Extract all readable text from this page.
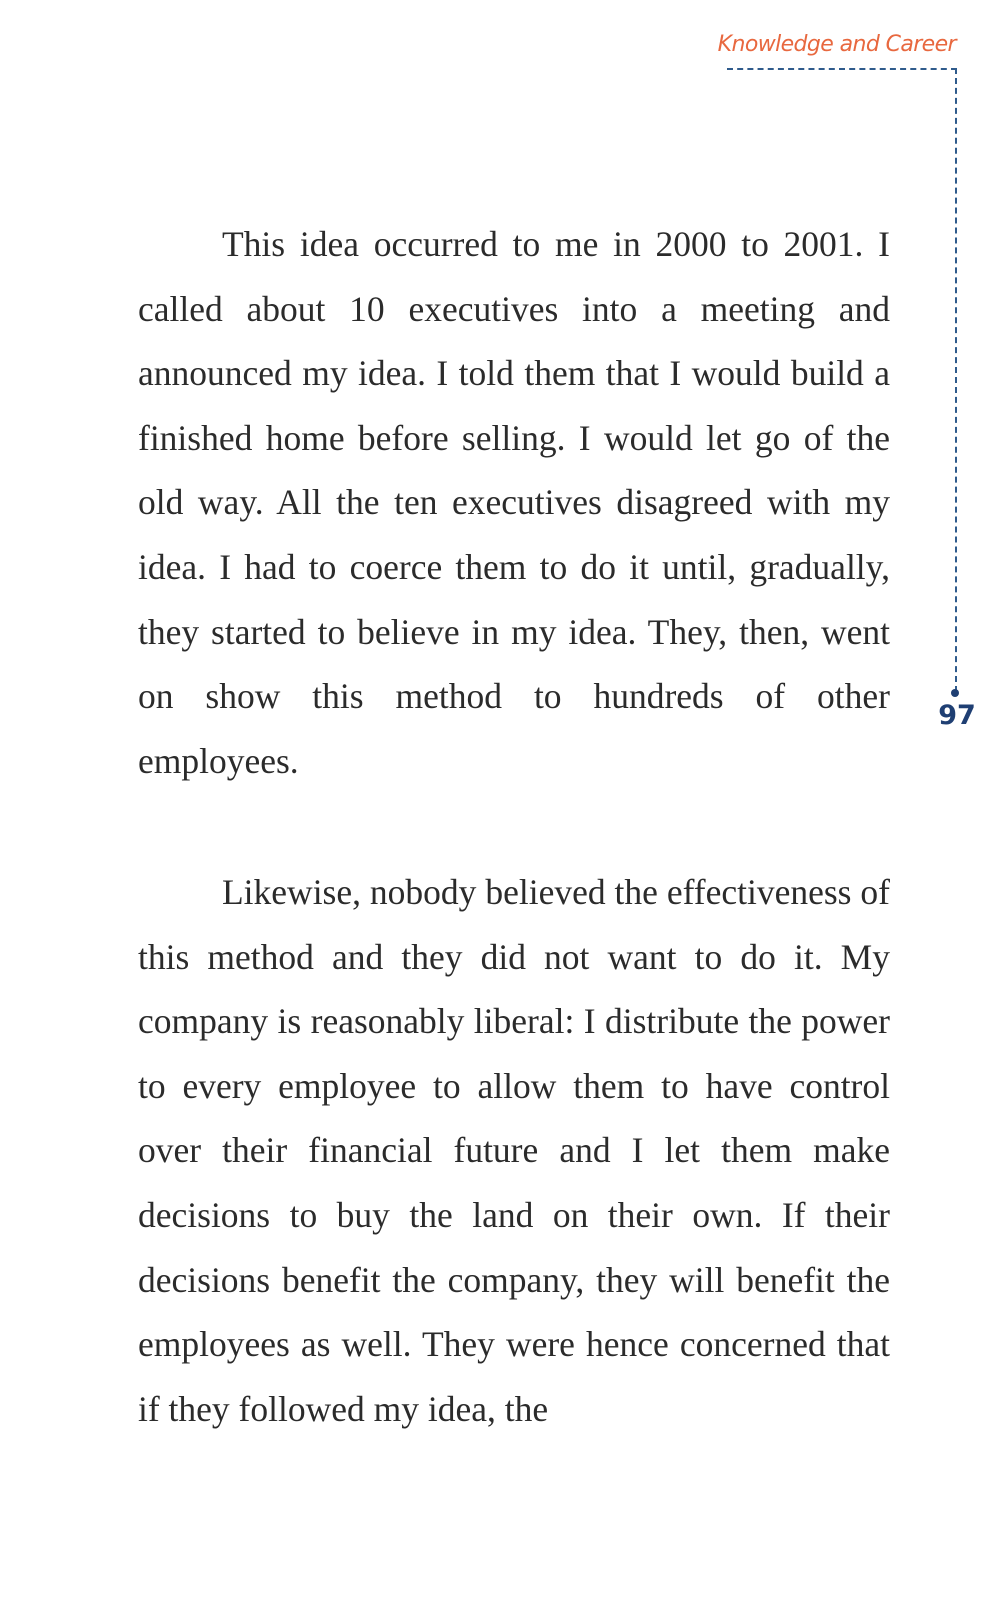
Knowledge and Career
97

This idea occurred to me in 2000 to 2001. I called about 10 executives into a meeting and announced my idea. I told them that I would build a finished home before selling. I would let go of the old way. All the ten executives disagreed with my idea. I had to coerce them to do it until, gradually, they started to believe in my idea. They, then, went on show this method to hundreds of other employees.

Likewise, nobody believed the effectiveness of this method and they did not want to do it. My company is reasonably liberal: I distribute the power to every employee to allow them to have control over their financial future and I let them make decisions to buy the land on their own. If their decisions benefit the company, they will benefit the employees as well. They were hence concerned that if they followed my idea, the
